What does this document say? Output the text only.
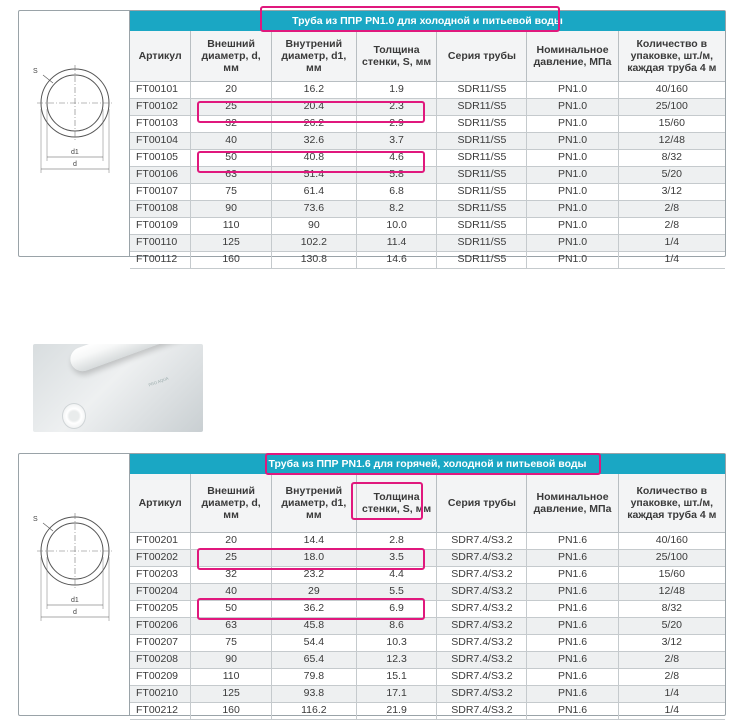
S
d1
d
Труба из ППР PN1.0 для холодной и питьевой воды
Артикул	Внешний диаметр, d, мм	Внутрений диаметр, d1, мм	Толщина стенки, S, мм	Серия трубы	Номинальное давление, МПа	Количество в упаковке, шт./м, каждая труба 4 м
FT00101	20	16.2	1.9	SDR11/S5	PN1.0	40/160
FT00102	25	20.4	2.3	SDR11/S5	PN1.0	25/100
FT00103	32	26.2	2.9	SDR11/S5	PN1.0	15/60
FT00104	40	32.6	3.7	SDR11/S5	PN1.0	12/48
FT00105	50	40.8	4.6	SDR11/S5	PN1.0	8/32
FT00106	63	51.4	5.8	SDR11/S5	PN1.0	5/20
FT00107	75	61.4	6.8	SDR11/S5	PN1.0	3/12
FT00108	90	73.6	8.2	SDR11/S5	PN1.0	2/8
FT00109	110	90	10.0	SDR11/S5	PN1.0	2/8
FT00110	125	102.2	11.4	SDR11/S5	PN1.0	1/4
FT00112	160	130.8	14.6	SDR11/S5	PN1.0	1/4
PRO AQUA
S
d1
d
Труба из ППР PN1.6 для горячей, холодной и питьевой воды
Артикул	Внешний диаметр, d, мм	Внутрений диаметр, d1, мм	Толщина стенки, S, мм	Серия трубы	Номинальное давление, МПа	Количество в упаковке, шт./м, каждая труба 4 м
FT00201	20	14.4	2.8	SDR7.4/S3.2	PN1.6	40/160
FT00202	25	18.0	3.5	SDR7.4/S3.2	PN1.6	25/100
FT00203	32	23.2	4.4	SDR7.4/S3.2	PN1.6	15/60
FT00204	40	29	5.5	SDR7.4/S3.2	PN1.6	12/48
FT00205	50	36.2	6.9	SDR7.4/S3.2	PN1.6	8/32
FT00206	63	45.8	8.6	SDR7.4/S3.2	PN1.6	5/20
FT00207	75	54.4	10.3	SDR7.4/S3.2	PN1.6	3/12
FT00208	90	65.4	12.3	SDR7.4/S3.2	PN1.6	2/8
FT00209	110	79.8	15.1	SDR7.4/S3.2	PN1.6	2/8
FT00210	125	93.8	17.1	SDR7.4/S3.2	PN1.6	1/4
FT00212	160	116.2	21.9	SDR7.4/S3.2	PN1.6	1/4
